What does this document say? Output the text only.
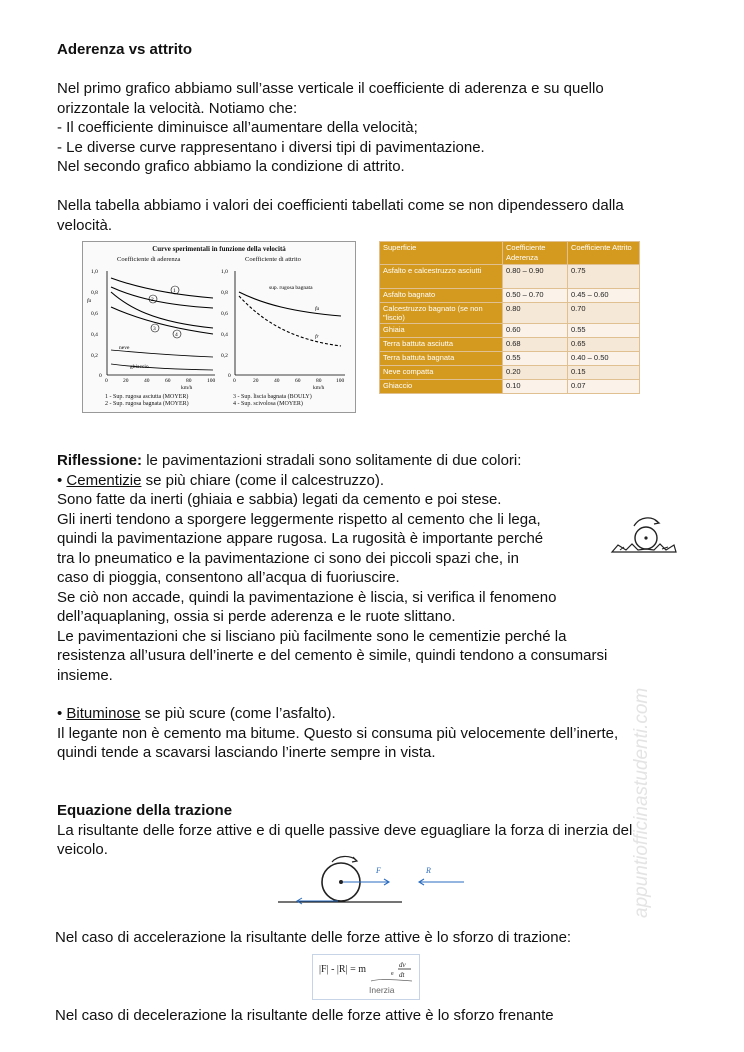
Aderenza vs attrito

Nel primo grafico abbiamo sull’asse verticale il coefficiente di aderenza e su quello

orizzontale la velocità. Notiamo che:

- Il coefficiente diminuisce all’aumentare della velocità;

- Le diverse curve rappresentano i diversi tipi di pavimentazione.

Nel secondo grafico abbiamo la condizione di attrito.

Nella tabella abbiamo i valori dei coefficienti tabellati come se non dipendessero dalla

velocità.

Curve sperimentali in funzione della velocità
Coefficiente di aderenza	Coefficiente di attrito
1,0
0,8
0,6
0,4
0,2
0
fa
0	20	40	60	80	100
km/h
1
2
3
4
neve
ghiaccio
1,0
0,8
0,6
0,4
0,2
0
0	20	40	60	80	100
km/h
sup. rugosa bagnata
fa
fr
1 - Sup. rugosa asciutta (MOYER)
2 - Sup. rugosa bagnata (MOYER)
3 - Sup. liscia bagnata (BOULY)
4 - Sup. scivolosa (MOYER)
Superficie	Coefficiente Aderenza	Coefficiente Attrito
Asfalto e calcestruzzo asciutti	0.80 – 0.90	0.75
Asfalto bagnato	0.50 – 0.70	0.45 – 0.60
Calcestruzzo bagnato (se non "liscio)	0.80	0.70
Ghiaia	0.60	0.55
Terra battuta asciutta	0.68	0.65
Terra battuta bagnata	0.55	0.40 – 0.50
Neve compatta	0.20	0.15
Ghiaccio	0.10	0.07

Riflessione: le pavimentazioni stradali sono solitamente di due colori:

• Cementizie se più chiare (come il calcestruzzo).

Sono fatte da inerti (ghiaia e sabbia) legati da cemento e poi stese.

Gli inerti tendono a sporgere leggermente rispetto al cemento che li lega,

quindi la pavimentazione appare rugosa. La rugosità è importante perché

tra lo pneumatico e la pavimentazione ci sono dei piccoli spazi che, in

caso di pioggia, consentono all’acqua di fuoriuscire.

Se ciò non accade, quindi la pavimentazione è liscia, si verifica il fenomeno

dell’aquaplaning, ossia si perde aderenza e le ruote slittano.

Le pavimentazioni che si lisciano più facilmente sono le cementizie perché la

resistenza all’usura dell’inerte e del cemento è simile, quindi tendono a consumarsi

insieme.

• Bituminose se più scure (come l’asfalto).

Il legante non è cemento ma bitume. Questo si consuma più velocemente dell’inerte,

quindi tende a scavarsi lasciando l’inerte sempre in vista.

Equazione della trazione

La risultante delle forze attive e di quelle passive deve eguagliare la forza di inerzia del

veicolo.

F	R

Nel caso di accelerazione la risultante delle forze attive è lo sforzo di trazione:

|F| - |R| = m	e
dv
dt
Inerzia

Nel caso di decelerazione la risultante delle forze attive è lo sforzo frenante

appuntiofficinastudenti.com
